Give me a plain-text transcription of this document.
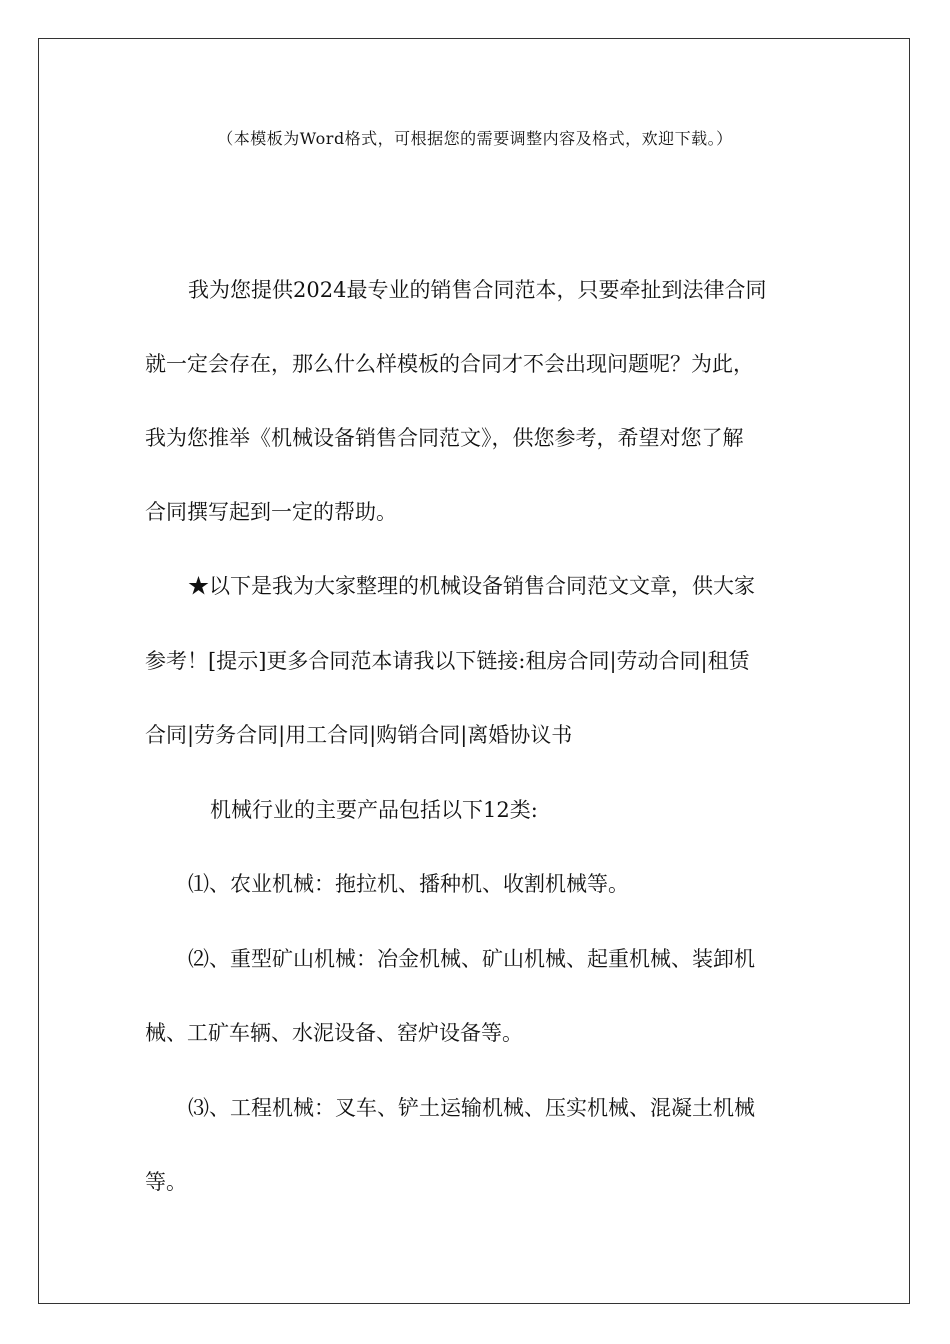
（本模板为Word格式，可根据您的需要调整内容及格式，欢迎下载。）
我为您提供2024最专业的销售合同范本，只要牵扯到法律合同
就一定会存在，那么什么样模板的合同才不会出现问题呢？为此，
我为您推举《机械设备销售合同范文》，供您参考，希望对您了解
合同撰写起到一定的帮助。
★以下是我为大家整理的机械设备销售合同范文文章，供大家
参考！[提示]更多合同范本请我以下链接:租房合同|劳动合同|租赁
合同|劳务合同|用工合同|购销合同|离婚协议书
机械行业的主要产品包括以下12类:
⑴、农业机械：拖拉机、播种机、收割机械等。
⑵、重型矿山机械：冶金机械、矿山机械、起重机械、装卸机
械、工矿车辆、水泥设备、窑炉设备等。
⑶、工程机械：叉车、铲土运输机械、压实机械、混凝土机械
等。
